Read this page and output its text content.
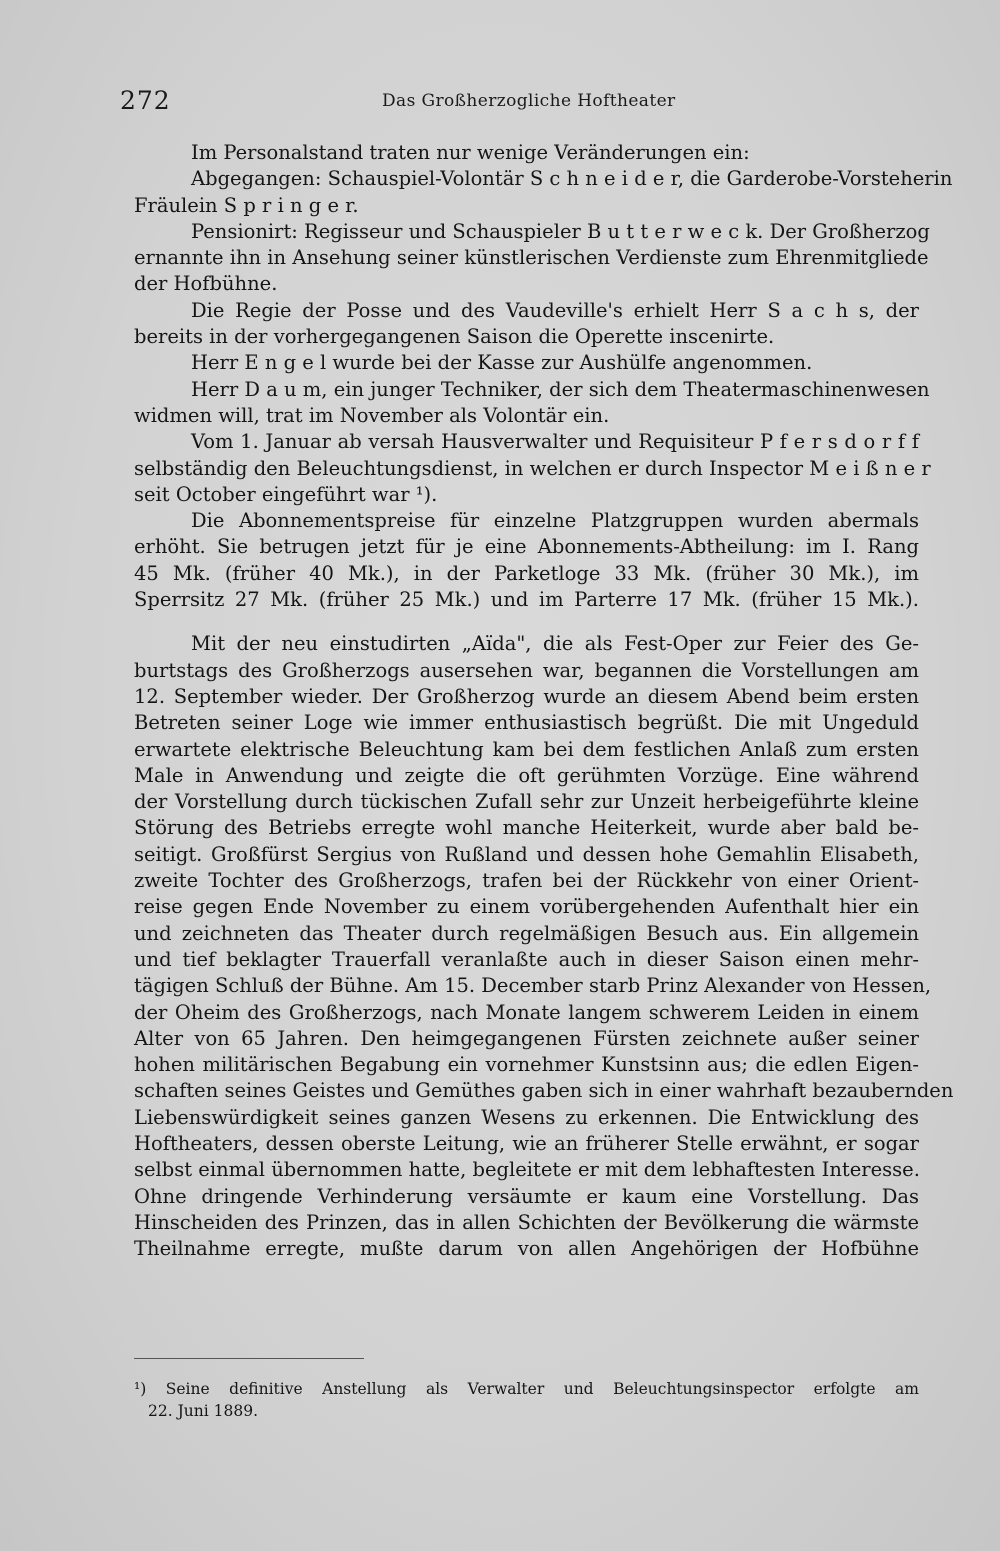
272	Das Großherzogliche Hoftheater
Im Personalstand traten nur wenige Veränderungen ein:
Abgegangen: Schauspiel-Volontär S c h n e i d e r, die Garderobe-Vorsteherin
Fräulein S p r i n g e r.
Pensionirt: Regisseur und Schauspieler B u t t e r w e c k. Der Großherzog
ernannte ihn in Ansehung seiner künstlerischen Verdienste zum Ehrenmitgliede
der Hofbühne.
Die Regie der Posse und des Vaudeville's erhielt Herr S a c h s, der
bereits in der vorhergegangenen Saison die Operette inscenirte.
Herr E n g e l wurde bei der Kasse zur Aushülfe angenommen.
Herr D a u m, ein junger Techniker, der sich dem Theatermaschinenwesen
widmen will, trat im November als Volontär ein.
Vom 1. Januar ab versah Hausverwalter und Requisiteur P f e r s d o r f f
selbständig den Beleuchtungsdienst, in welchen er durch Inspector M e i ß n e r
seit October eingeführt war ¹).
Die Abonnementspreise für einzelne Platzgruppen wurden abermals
erhöht. Sie betrugen jetzt für je eine Abonnements-Abtheilung: im I. Rang
45 Mk. (früher 40 Mk.), in der Parketloge 33 Mk. (früher 30 Mk.), im
Sperrsitz 27 Mk. (früher 25 Mk.) und im Parterre 17 Mk. (früher 15 Mk.).
Mit der neu einstudirten „Aïda", die als Fest-Oper zur Feier des Ge-
burtstags des Großherzogs ausersehen war, begannen die Vorstellungen am
12. September wieder. Der Großherzog wurde an diesem Abend beim ersten
Betreten seiner Loge wie immer enthusiastisch begrüßt. Die mit Ungeduld
erwartete elektrische Beleuchtung kam bei dem festlichen Anlaß zum ersten
Male in Anwendung und zeigte die oft gerühmten Vorzüge. Eine während
der Vorstellung durch tückischen Zufall sehr zur Unzeit herbeigeführte kleine
Störung des Betriebs erregte wohl manche Heiterkeit, wurde aber bald be-
seitigt. Großfürst Sergius von Rußland und dessen hohe Gemahlin Elisabeth,
zweite Tochter des Großherzogs, trafen bei der Rückkehr von einer Orient-
reise gegen Ende November zu einem vorübergehenden Aufenthalt hier ein
und zeichneten das Theater durch regelmäßigen Besuch aus. Ein allgemein
und tief beklagter Trauerfall veranlaßte auch in dieser Saison einen mehr-
tägigen Schluß der Bühne. Am 15. December starb Prinz Alexander von Hessen,
der Oheim des Großherzogs, nach Monate langem schwerem Leiden in einem
Alter von 65 Jahren. Den heimgegangenen Fürsten zeichnete außer seiner
hohen militärischen Begabung ein vornehmer Kunstsinn aus; die edlen Eigen-
schaften seines Geistes und Gemüthes gaben sich in einer wahrhaft bezaubernden
Liebenswürdigkeit seines ganzen Wesens zu erkennen. Die Entwicklung des
Hoftheaters, dessen oberste Leitung, wie an früherer Stelle erwähnt, er sogar
selbst einmal übernommen hatte, begleitete er mit dem lebhaftesten Interesse.
Ohne dringende Verhinderung versäumte er kaum eine Vorstellung. Das
Hinscheiden des Prinzen, das in allen Schichten der Bevölkerung die wärmste
Theilnahme erregte, mußte darum von allen Angehörigen der Hofbühne
¹) Seine definitive Anstellung als Verwalter und Beleuchtungsinspector erfolgte am
22. Juni 1889.
